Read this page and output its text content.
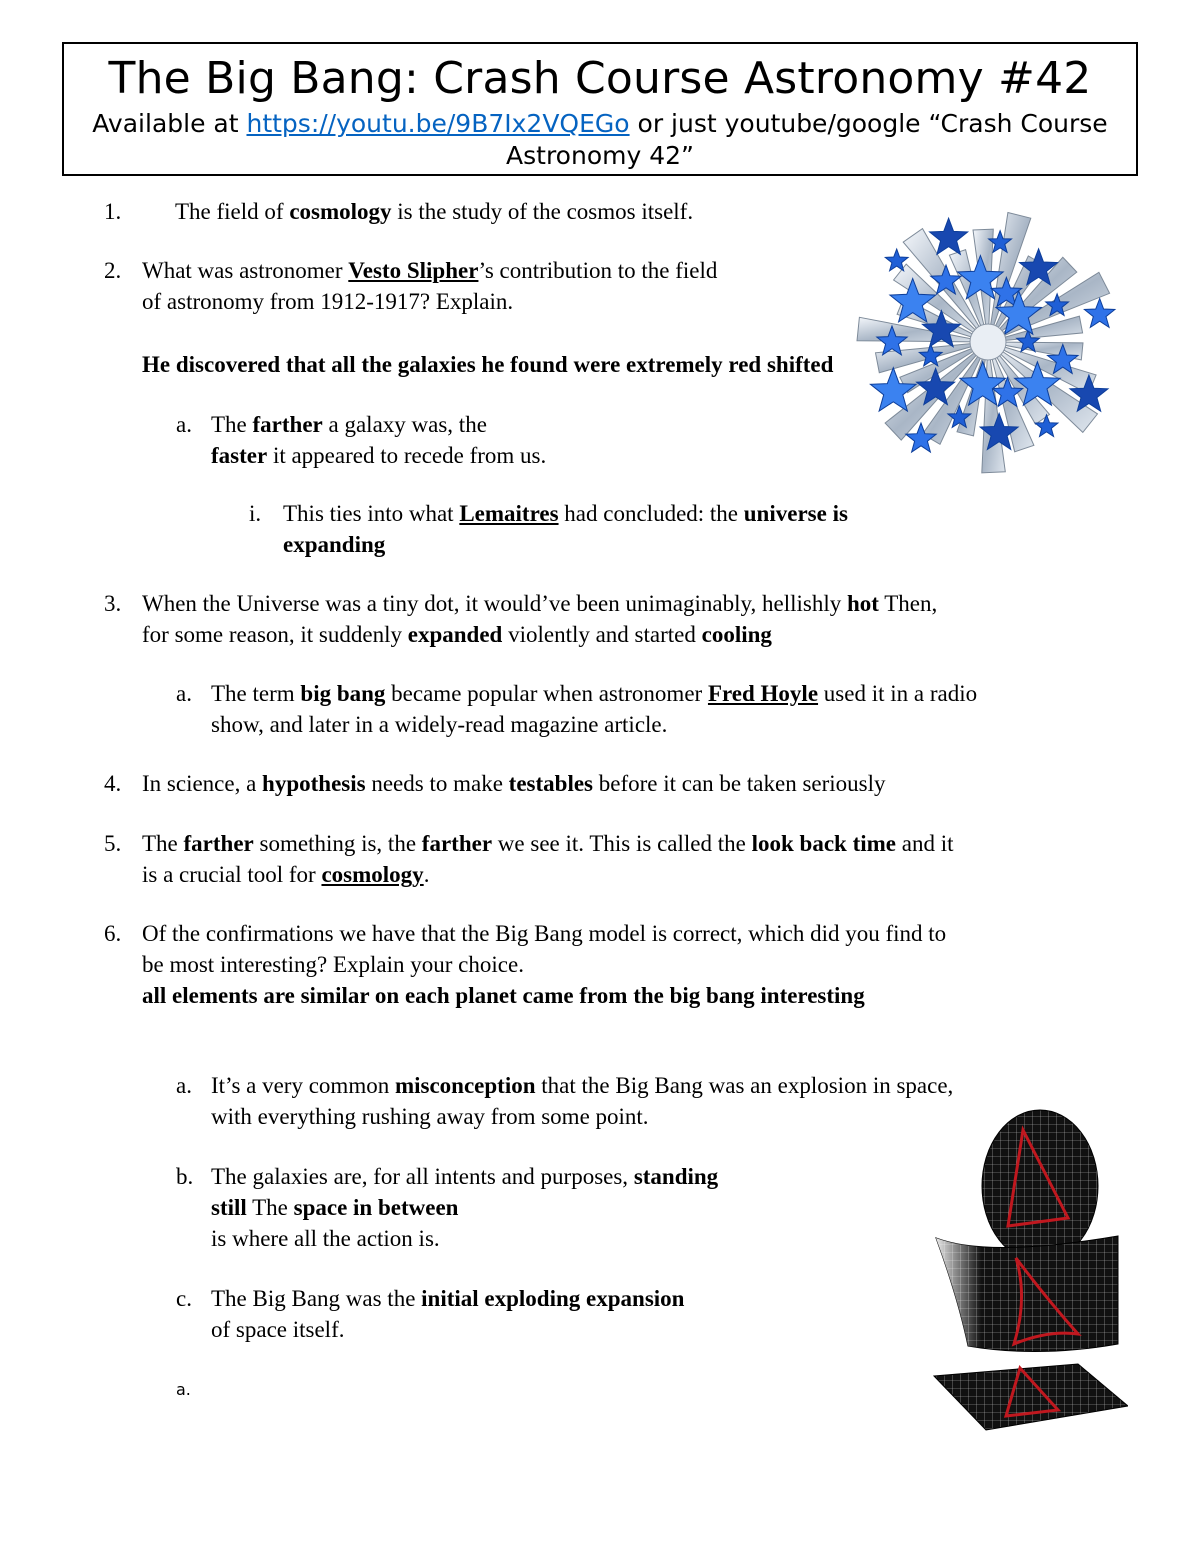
The Big Bang: Crash Course Astronomy #42
Available at https://youtu.be/9B7Ix2VQEGo or just youtube/google “Crash Course Astronomy 42”
1. The field of cosmology is the study of the cosmos itself.
2. What was astronomer Vesto Slipher’s contribution to the field
of astronomy from 1912-1917? Explain.
He discovered that all the galaxies he found were extremely red shifted
a. The farther a galaxy was, the
faster it appeared to recede from us.
i. This ties into what Lemaitres had concluded: the universe is
expanding
3. When the Universe was a tiny dot, it would’ve been unimaginably, hellishly hot Then,
for some reason, it suddenly expanded violently and started cooling
a. The term big bang became popular when astronomer Fred Hoyle used it in a radio
show, and later in a widely-read magazine article.
4. In science, a hypothesis needs to make testables before it can be taken seriously
5. The farther something is, the farther we see it. This is called the look back time and it
is a crucial tool for cosmology.
6. Of the confirmations we have that the Big Bang model is correct, which did you find to
be most interesting? Explain your choice.
all elements are similar on each planet came from the big bang interesting
a. It’s a very common misconception that the Big Bang was an explosion in space,
with everything rushing away from some point.
b. The galaxies are, for all intents and purposes, standing
still The space in between
is where all the action is.
c. The Big Bang was the initial exploding expansion
of space itself.
a.
